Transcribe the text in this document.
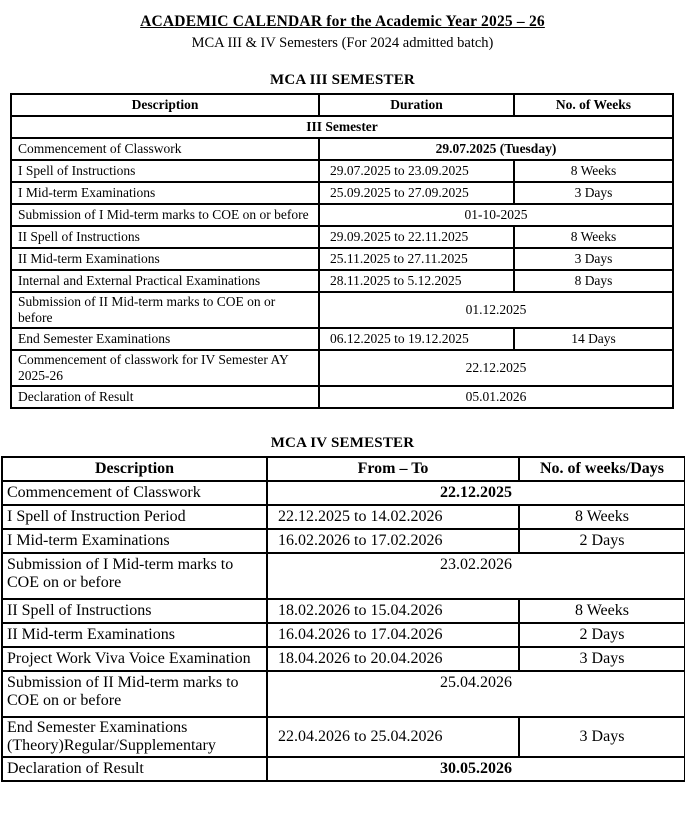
ACADEMIC CALENDAR for the Academic Year 2025 – 26
MCA III & IV Semesters (For 2024 admitted batch)
MCA III SEMESTER
Description	Duration	No. of Weeks
III Semester		
Commencement of Classwork	29.07.2025 (Tuesday)	
I Spell of Instructions	29.07.2025 to 23.09.2025	8 Weeks
I Mid-term Examinations	25.09.2025 to 27.09.2025	3 Days
Submission of I Mid-term marks to COE on or before	01-10-2025	
II Spell of Instructions	29.09.2025 to 22.11.2025	8 Weeks
II Mid-term Examinations	25.11.2025 to 27.11.2025	3 Days
Internal and External Practical Examinations	28.11.2025 to 5.12.2025	8 Days
Submission of II Mid-term marks to COE on or before	01.12.2025	
End Semester Examinations	06.12.2025 to 19.12.2025	14 Days
Commencement of classwork for IV Semester AY 2025-26	22.12.2025	
Declaration of Result	05.01.2026	
MCA IV SEMESTER
Description	From – To	No. of weeks/Days
Commencement of Classwork	22.12.2025	
I Spell of Instruction Period	22.12.2025 to 14.02.2026	8 Weeks
I Mid-term Examinations	16.02.2026 to 17.02.2026	2 Days
Submission of I Mid-term marks to COE on or before	23.02.2026	
II Spell of Instructions	18.02.2026 to 15.04.2026	8 Weeks
II Mid-term Examinations	16.04.2026 to 17.04.2026	2 Days
Project Work Viva Voice Examination	18.04.2026 to 20.04.2026	3 Days
Submission of II Mid-term marks to COE on or before	25.04.2026	
End Semester Examinations (Theory)Regular/Supplementary	22.04.2026 to 25.04.2026	3 Days
Declaration of Result	30.05.2026	
